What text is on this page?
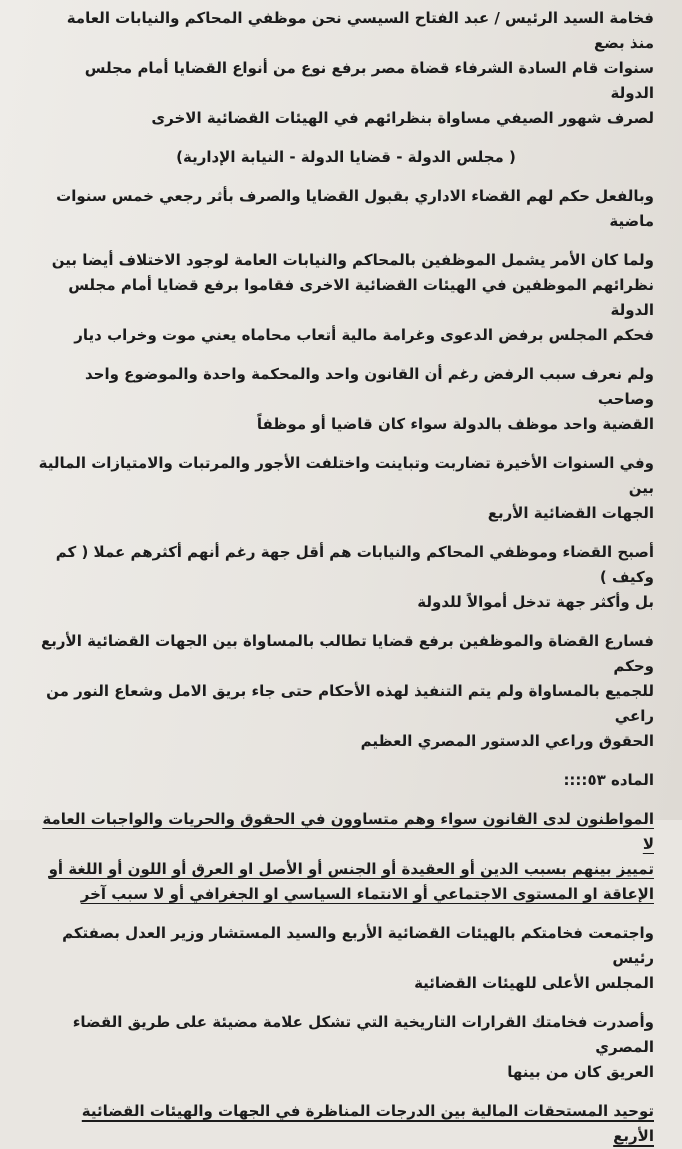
فخامة السيد الرئيس / عبد الفتاح السيسي نحن موظفي المحاكم والنيابات العامة منذ بضع

سنوات قام السادة الشرفاء قضاة مصر برفع نوع من أنواع القضايا أمام مجلس الدولة

لصرف شهور الصيفي مساواة بنظرائهم في الهيئات القضائية الاخرى

( مجلس الدولة - قضايا الدولة - النيابة الإدارية)

وبالفعل حكم لهم القضاء الاداري بقبول القضايا والصرف بأثر رجعي خمس سنوات ماضية

ولما كان الأمر يشمل الموظفين بالمحاكم والنيابات العامة لوجود الاختلاف أيضا بين

نظرائهم الموظفين في الهيئات القضائية الاخرى فقاموا برفع قضايا أمام مجلس الدولة

فحكم المجلس برفض الدعوى وغرامة مالية أتعاب محاماه يعني موت وخراب ديار

ولم نعرف سبب الرفض رغم أن القانون واحد والمحكمة واحدة والموضوع واحد وصاحب

القضية واحد موظف بالدولة سواء كان قاضيا أو موظفاً

وفي السنوات الأخيرة تضاربت وتباينت واختلفت الأجور والمرتبات والامتيازات المالية بين

الجهات القضائية الأربع

أصبح القضاء وموظفي المحاكم والنيابات هم أقل جهة رغم أنهم أكثرهم عملا ( كم وكيف )

بل وأكثر جهة تدخل أموالاً للدولة

فسارع القضاة والموظفين برفع قضايا تطالب بالمساواة بين الجهات القضائية الأربع وحكم

للجميع بالمساواة ولم يتم التنفيذ لهذه الأحكام حتى جاء بريق الامل وشعاع النور من راعي

الحقوق وراعي الدستور المصري العظيم

الماده ٥٣::::

المواطنون لدى القانون سواء وهم متساوون في الحقوق والحريات والواجبات العامة لا

تمييز بينهم بسبب الدين أو العقيدة أو الجنس أو الأصل او العرق أو اللون أو اللغة أو

الإعاقة او المستوى الاجتماعي أو الانتماء السياسي او الجغرافي أو لا سبب آخر

واجتمعت فخامتكم بالهيئات القضائية الأربع والسيد المستشار وزير العدل بصفتكم رئيس

المجلس الأعلى للهيئات القضائية

وأصدرت فخامتك القرارات التاريخية التي تشكل علامة مضيئة على طريق القضاء المصري

العريق كان من بينها

توحيد المستحقات المالية بين الدرجات المناظرة في الجهات والهيئات القضائية الأربع
